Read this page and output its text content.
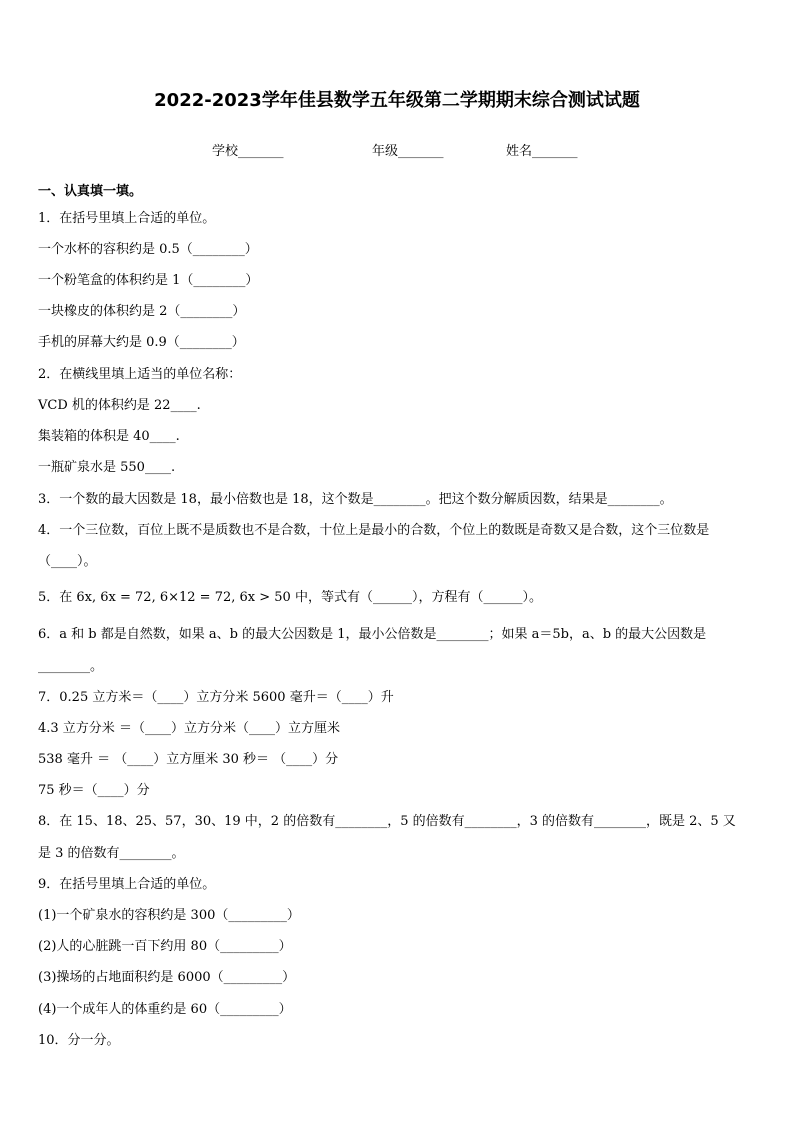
2022-2023学年佳县数学五年级第二学期期末综合测试试题
学校_______	年级_______	姓名_______
一、认真填一填。
1．在括号里填上合适的单位。
一个水杯的容积约是 0.5（________）
一个粉笔盒的体积约是 1（________）
一块橡皮的体积约是 2（________）
手机的屏幕大约是 0.9（________）
2．在横线里填上适当的单位名称：
VCD 机的体积约是 22____.
集装箱的体积是 40____.
一瓶矿泉水是 550____.
3．一个数的最大因数是 18，最小倍数也是 18，这个数是________。把这个数分解质因数，结果是________。
4．一个三位数，百位上既不是质数也不是合数，十位上是最小的合数，个位上的数既是奇数又是合数，这个三位数是
（____）。
5．在 6x, 6x = 72, 6×12 = 72, 6x > 50 中，等式有（______），方程有（______）。
6．a 和 b 都是自然数，如果 a、b 的最大公因数是 1，最小公倍数是________；如果 a＝5b，a、b 的最大公因数是
________。
7．0.25 立方米＝（____）立方分米 5600 毫升＝（____）升
4.3 立方分米 ＝（____）立方分米（____）立方厘米
538 毫升 ＝ （____）立方厘米 30 秒＝ （____）分
75 秒＝（____）分
8．在 15、18、25、57，30、19 中，2 的倍数有________，5 的倍数有________，3 的倍数有________，既是 2、5 又
是 3 的倍数有________。
9．在括号里填上合适的单位。
(1)一个矿泉水的容积约是 300（_________）
(2)人的心脏跳一百下约用 80（_________）
(3)操场的占地面积约是 6000（_________）
(4)一个成年人的体重约是 60（_________）
10．分一分。
